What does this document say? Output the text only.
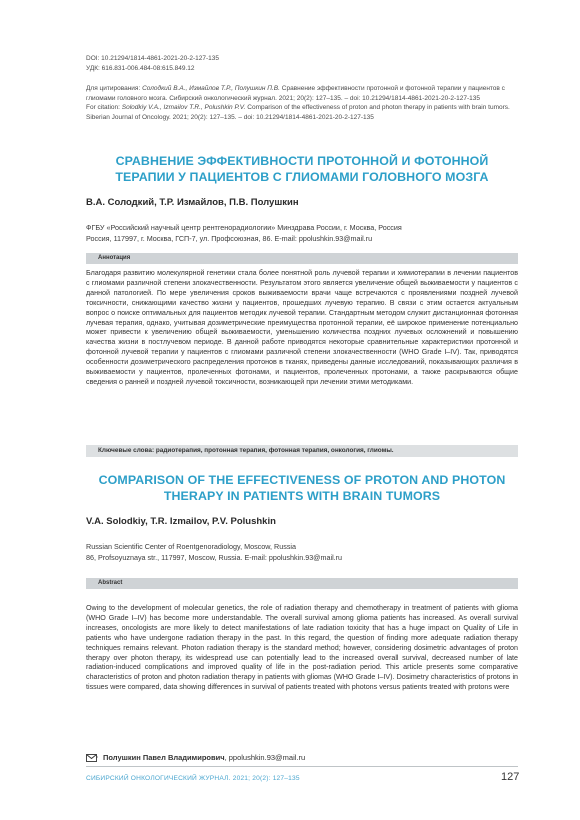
DOI: 10.21294/1814-4861-2021-20-2-127-135
УДК: 616.831-006.484-08:615.849.12
Для цитирования: Солодкий В.А., Измайлов Т.Р., Полушкин П.В. Сравнение эффективности протонной и фотонной терапии у пациентов с глиомами головного мозга. Сибирский онкологический журнал. 2021; 20(2): 127–135. – doi: 10.21294/1814-4861-2021-20-2-127-135
For citation: Solodkiy V.A., Izmailov T.R., Polushkin P.V. Comparison of the effectiveness of proton and photon therapy in patients with brain tumors. Siberian Journal of Oncology. 2021; 20(2): 127–135. – doi: 10.21294/1814-4861-2021-20-2-127-135
СРАВНЕНИЕ ЭФФЕКТИВНОСТИ ПРОТОННОЙ И ФОТОННОЙ ТЕРАПИИ У ПАЦИЕНТОВ С ГЛИОМАМИ ГОЛОВНОГО МОЗГА
В.А. Солодкий, Т.Р. Измайлов, П.В. Полушкин
ФГБУ «Российский научный центр рентгенорадиологии» Минздрава России, г. Москва, Россия
Россия, 117997, г. Москва, ГСП-7, ул. Профсоюзная, 86. E-mail: ppolushkin.93@mail.ru
Аннотация
Благодаря развитию молекулярной генетики стала более понятной роль лучевой терапии и химиотерапии в лечении пациентов с глиомами различной степени злокачественности. Результатом этого является увеличение общей выживаемости у пациентов с данной патологией. По мере увеличения сроков выживаемости врачи чаще встречаются с проявлениями поздней лучевой токсичности, снижающими качество жизни у пациентов, прошедших лучевую терапию. В связи с этим остается актуальным вопрос о поиске оптимальных для пациентов методик лучевой терапии. Стандартным методом служит дистанционная фотонная лучевая терапия, однако, учитывая дозиметрические преимущества протонной терапии, её широкое применение потенциально может привести к увеличению общей выживаемости, уменьшению количества поздних лучевых осложнений и повышению качества жизни в постлучевом периоде. В данной работе приводятся некоторые сравнительные характеристики протонной и фотонной лучевой терапии у пациентов с глиомами различной степени злокачественности (WHO Grade I–IV). Так, приводятся особенности дозиметрического распределения протонов в тканях, приведены данные исследований, показывающих различия в выживаемости у пациентов, пролеченных фотонами, и пациентов, пролеченных протонами, а также раскрываются общие сведения о ранней и поздней лучевой токсичности, возникающей при лечении этими методиками.
Ключевые слова: радиотерапия, протонная терапия, фотонная терапия, онкология, глиомы.
COMPARISON OF THE EFFECTIVENESS OF PROTON AND PHOTON THERAPY IN PATIENTS WITH BRAIN TUMORS
V.A. Solodkiy, T.R. Izmailov, P.V. Polushkin
Russian Scientific Center of Roentgenoradiology, Moscow, Russia
86, Profsoyuznaya str., 117997, Moscow, Russia. E-mail: ppolushkin.93@mail.ru
Abstract
Owing to the development of molecular genetics, the role of radiation therapy and chemotherapy in treatment of patients with glioma (WHO Grade I–IV) has become more understandable. The overall survival among glioma patients has increased. As overall survival increases, oncologists are more likely to detect manifestations of late radiation toxicity that has a huge impact on Quality of Life in patients who have undergone radiation therapy in the past. In this regard, the question of finding more adequate radiation therapy techniques remains relevant. Photon radiation therapy is the standard method; however, considering dosimetric advantages of proton therapy over photon therapy, its widespread use can potentially lead to the increased overall survival, decreased number of late radiation-induced complications and improved quality of life in the post-radiation period. This article presents some comparative characteristics of proton and photon radiation therapy in patients with gliomas (WHO Grade I–IV). Dosimetry characteristics of protons in tissues were compared, data showing differences in survival of patients treated with photons versus patients treated with protons were
Полушкин Павел Владимирович, ppolushkin.93@mail.ru
СИБИРСКИЙ ОНКОЛОГИЧЕСКИЙ ЖУРНАЛ. 2021; 20(2): 127–135	127
